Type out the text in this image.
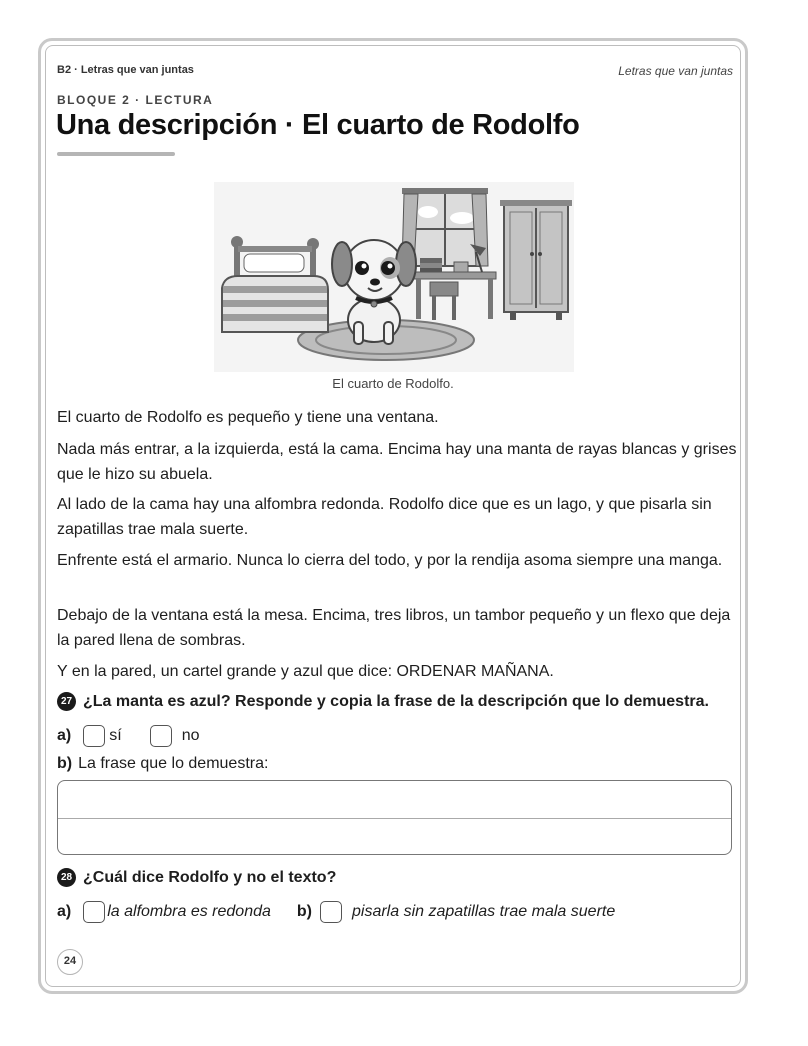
B2 · Letras que van juntas	Letras que van juntas
BLOQUE 2 · LECTURA
Una descripción · El cuarto de Rodolfo
El cuarto de Rodolfo.

El cuarto de Rodolfo es pequeño y tiene una ventana.

Nada más entrar, a la izquierda, está la cama. Encima hay una manta de rayas blancas y grises que le hizo su abuela.

Al lado de la cama hay una alfombra redonda. Rodolfo dice que es un lago, y que pisarla sin zapatillas trae mala suerte.

Enfrente está el armario. Nunca lo cierra del todo, y por la rendija asoma siempre una manga.

Debajo de la ventana está la mesa. Encima, tres libros, un tambor pequeño y un flexo que deja la pared llena de sombras.

Y en la pared, un cartel grande y azul que dice: ORDENAR MAÑANA.

27 ¿La manta es azul? Responde y copia la frase de la descripción que lo demuestra.
a) sí	no
b) La frase que lo demuestra:
28 ¿Cuál dice Rodolfo y no el texto?
a) la alfombra es redonda b)	pisarla sin zapatillas trae mala suerte
24
